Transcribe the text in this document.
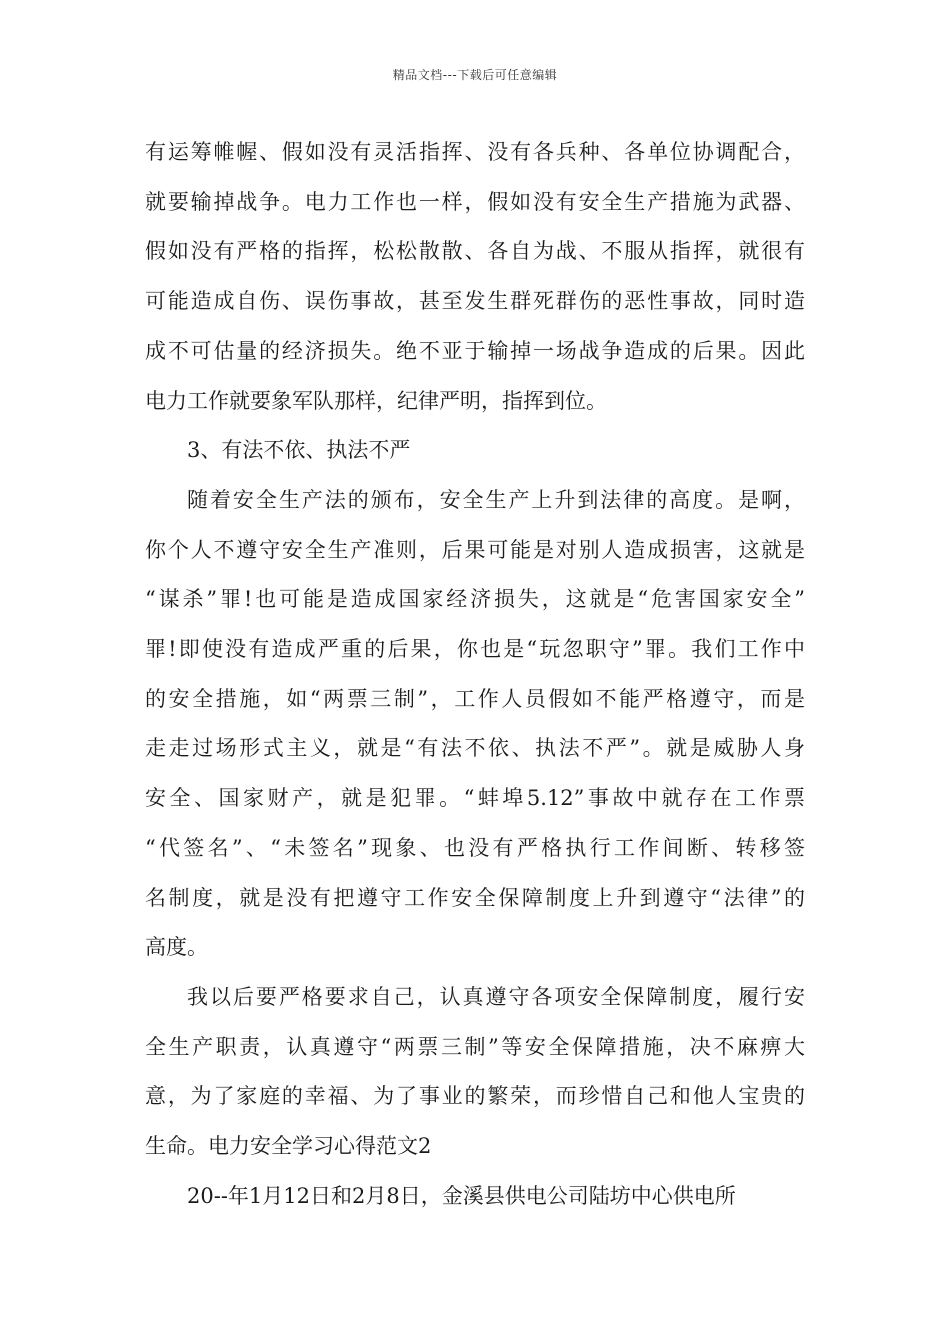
精品文档---下载后可任意编辑
有运筹帷幄、假如没有灵活指挥、没有各兵种、各单位协调配合，
就要输掉战争。电力工作也一样，假如没有安全生产措施为武器、
假如没有严格的指挥，松松散散、各自为战、不服从指挥，就很有
可能造成自伤、误伤事故，甚至发生群死群伤的恶性事故，同时造
成不可估量的经济损失。绝不亚于输掉一场战争造成的后果。因此
电力工作就要象军队那样，纪律严明，指挥到位。
3、有法不依、执法不严
随着安全生产法的颁布，安全生产上升到法律的高度。是啊，
你个人不遵守安全生产准则，后果可能是对别人造成损害，这就是
“谋杀”罪!也可能是造成国家经济损失，这就是“危害国家安全”
罪!即使没有造成严重的后果，你也是“玩忽职守”罪。我们工作中
的安全措施，如“两票三制”，工作人员假如不能严格遵守，而是
走走过场形式主义，就是“有法不依、执法不严”。就是威胁人身
安全、国家财产，就是犯罪。“蚌埠5.12”事故中就存在工作票
“代签名”、“未签名”现象、也没有严格执行工作间断、转移签
名制度，就是没有把遵守工作安全保障制度上升到遵守“法律”的
高度。
我以后要严格要求自己，认真遵守各项安全保障制度，履行安
全生产职责，认真遵守“两票三制”等安全保障措施，决不麻痹大
意，为了家庭的幸福、为了事业的繁荣，而珍惜自己和他人宝贵的
生命。电力安全学习心得范文2
20--年1月12日和2月8日，金溪县供电公司陆坊中心供电所
